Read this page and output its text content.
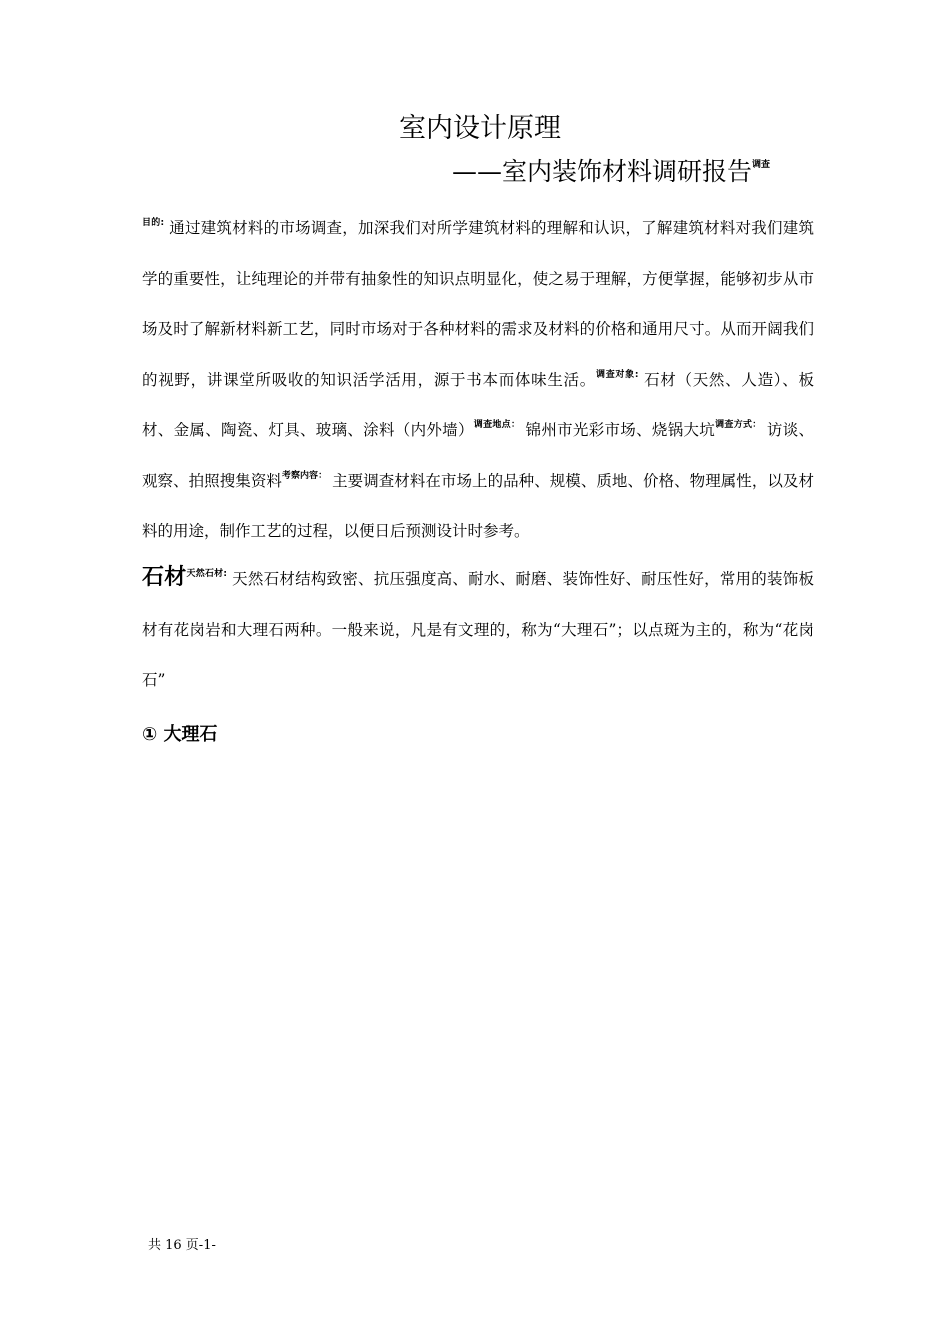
室内设计原理
——室内装饰材料调研报告$^{调查}$
$^{目的:}$ 通过建筑材料的市场调查，加深我们对所学建筑材料的理解和认识，了解建筑材料对我们建筑学的重要性，让纯理论的并带有抽象性的知识点明显化，使之易于理解，方便掌握，能够初步从市场及时了解新材料新工艺，同时市场对于各种材料的需求及材料的价格和通用尺寸。从而开阔我们的视野，讲课堂所吸收的知识活学活用，源于书本而体味生活。$^{调查对象:}$ 石材（天然、人造）、板材、金属、陶瓷、灯具、玻璃、涂料（内外墙）$^{调查地点:}$ 锦州市光彩市场、烧锅大坑$^{调查方式:}$ 访谈、观察、拍照搜集资料$^{考察内容:}$ 主要调查材料在市场上的品种、规模、质地、价格、物理属性，以及材料的用途，制作工艺的过程，以便日后预测设计时参考。
石材$^{天然石材:}$ 天然石材结构致密、抗压强度高、耐水、耐磨、装饰性好、耐压性好，常用的装饰板材有花岗岩和大理石两种。一般来说，凡是有文理的，称为“大理石”；以点斑为主的，称为“花岗石”
① 大理石
共 16 页-1-
